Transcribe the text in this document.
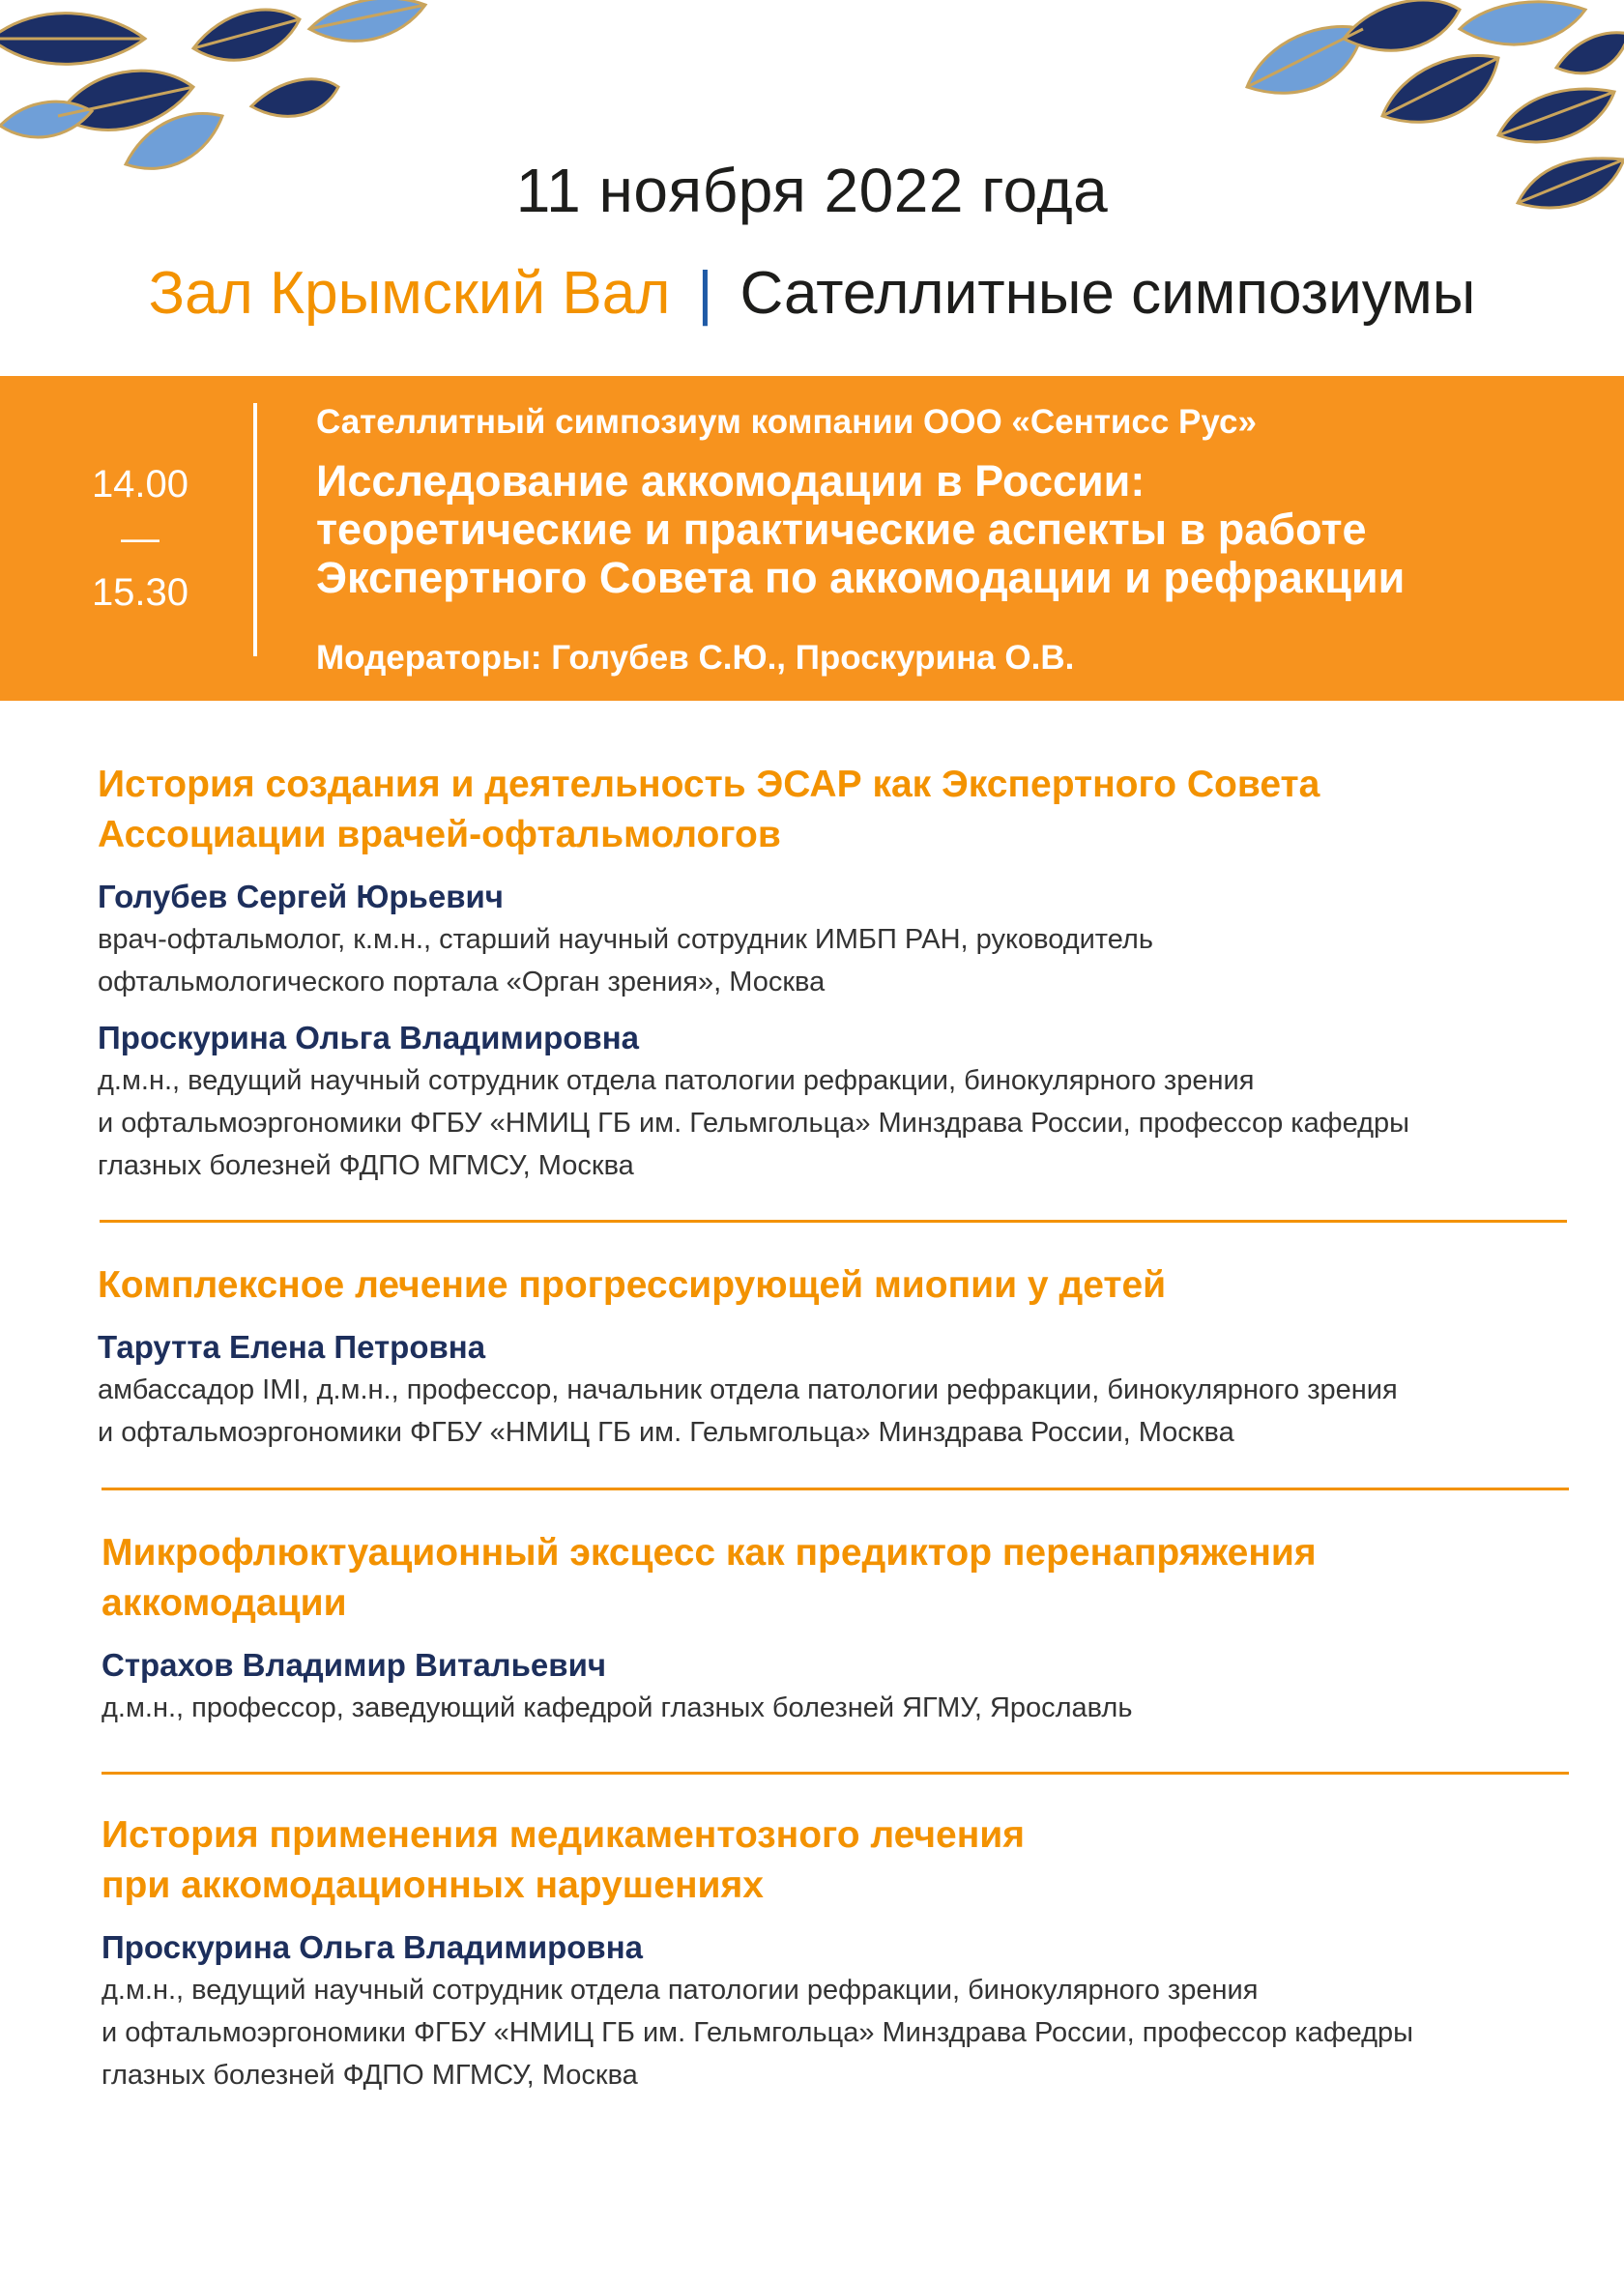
11 ноября 2022 года
Зал Крымский Вал | Сателлитные симпозиумы
14.00
—
15.30
Сателлитный симпозиум компании ООО «Сентисс Рус»
Исследование аккомодации в России:
теоретические и практические аспекты в работе
Экспертного Совета по аккомодации и рефракции
Модераторы: Голубев С.Ю., Проскурина О.В.
История создания и деятельность ЭСАР как Экспертного Совета
Ассоциации врачей-офтальмологов
Голубев Сергей Юрьевич
врач-офтальмолог, к.м.н., старший научный сотрудник ИМБП РАН, руководитель
офтальмологического портала «Орган зрения», Москва
Проскурина Ольга Владимировна
д.м.н., ведущий научный сотрудник отдела патологии рефракции, бинокулярного зрения
и офтальмоэргономики ФГБУ «НМИЦ ГБ им. Гельмгольца» Минздрава России, профессор кафедры
глазных болезней ФДПО МГМСУ, Москва
Комплексное лечение прогрессирующей миопии у детей
Тарутта Елена Петровна
амбассадор IMI, д.м.н., профессор, начальник отдела патологии рефракции, бинокулярного зрения
и офтальмоэргономики ФГБУ «НМИЦ ГБ им. Гельмгольца» Минздрава России, Москва
Микрофлюктуационный эксцесс как предиктор перенапряжения
аккомодации
Страхов Владимир Витальевич
д.м.н., профессор, заведующий кафедрой глазных болезней ЯГМУ, Ярославль
История применения медикаментозного лечения
при аккомодационных нарушениях
Проскурина Ольга Владимировна
д.м.н., ведущий научный сотрудник отдела патологии рефракции, бинокулярного зрения
и офтальмоэргономики ФГБУ «НМИЦ ГБ им. Гельмгольца» Минздрава России, профессор кафедры
глазных болезней ФДПО МГМСУ, Москва
